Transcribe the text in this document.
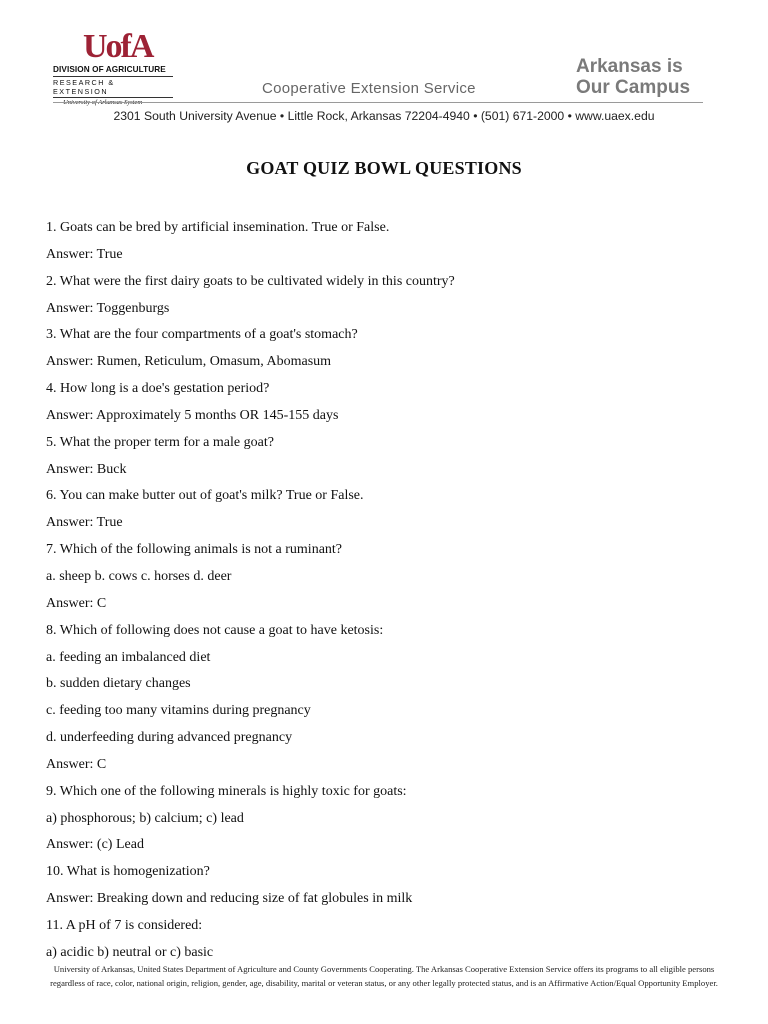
UofA
DIVISION OF AGRICULTURE
RESEARCH & EXTENSION	Cooperative Extension Service
Arkansas is
Our Campus
2301 South University Avenue • Little Rock, Arkansas 72204-4940 • (501) 671-2000 • www.uaex.edu
GOAT QUIZ BOWL QUESTIONS
1. Goats can be bred by artificial insemination. True or False.
Answer: True
2. What were the first dairy goats to be cultivated widely in this country?
Answer: Toggenburgs
3. What are the four compartments of a goat's stomach?
Answer: Rumen, Reticulum, Omasum, Abomasum
4. How long is a doe's gestation period?
Answer: Approximately 5 months OR 145-155 days
5. What the proper term for a male goat?
Answer: Buck
6. You can make butter out of goat's milk? True or False.
Answer: True
7. Which of the following animals is not a ruminant?
a. sheep b. cows c. horses d. deer
Answer: C
8. Which of following does not cause a goat to have ketosis:
a. feeding an imbalanced diet
b. sudden dietary changes
c. feeding too many vitamins during pregnancy
d. underfeeding during advanced pregnancy
Answer: C
9. Which one of the following minerals is highly toxic for goats:
a) phosphorous; b) calcium; c) lead
Answer: (c) Lead
10. What is homogenization?
Answer: Breaking down and reducing size of fat globules in milk
11. A pH of 7 is considered:
a) acidic b) neutral or c) basic
University of Arkansas, United States Department of Agriculture and County Governments Cooperating. The Arkansas Cooperative Extension Service offers its programs to all eligible persons
regardless of race, color, national origin, religion, gender, age, disability, marital or veteran status, or any other legally protected status, and is an Affirmative Action/Equal Opportunity Employer.
